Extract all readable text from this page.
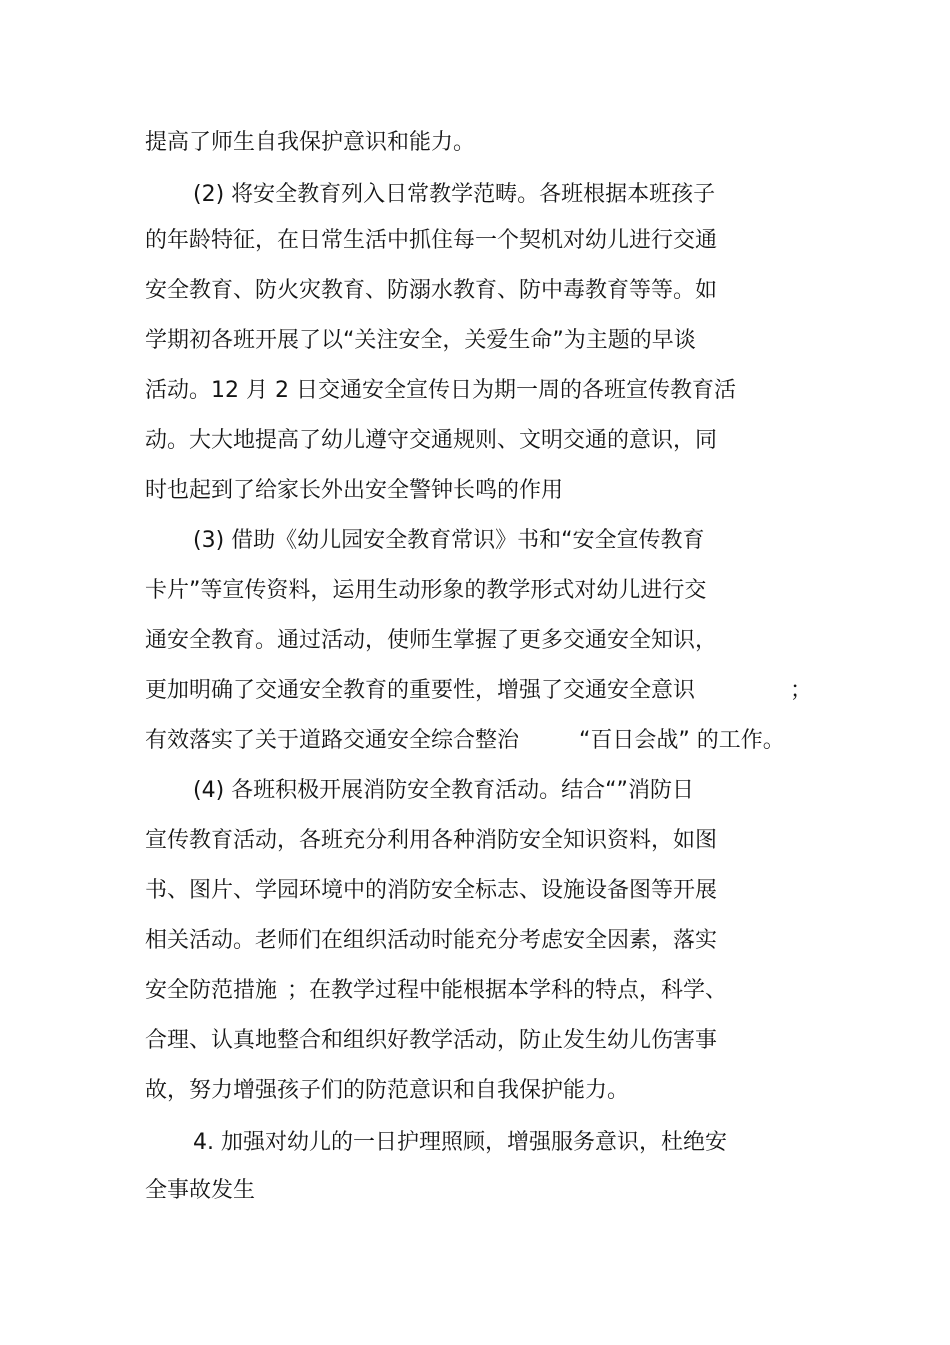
提高了师生自我保护意识和能力。
(2) 将安全教育列入日常教学范畴。各班根据本班孩子
的年龄特征，在日常生活中抓住每一个契机对幼儿进行交通
安全教育、防火灾教育、防溺水教育、防中毒教育等等。如
学期初各班开展了以“关注安全，关爱生命”为主题的早谈
活动。12 月 2 日交通安全宣传日为期一周的各班宣传教育活
动。大大地提高了幼儿遵守交通规则、文明交通的意识，同
时也起到了给家长外出安全警钟长鸣的作用
(3) 借助《幼儿园安全教育常识》书和“安全宣传教育
卡片”等宣传资料，运用生动形象的教学形式对幼儿进行交
通安全教育。通过活动，使师生掌握了更多交通安全知识，
更加明确了交通安全教育的重要性，增强了交通安全意识	；
有效落实了关于道路交通安全综合整治	“百日会战” 的工作。
(4) 各班积极开展消防安全教育活动。结合“”消防日
宣传教育活动，各班充分利用各种消防安全知识资料，如图
书、图片、学园环境中的消防安全标志、设施设备图等开展
相关活动。老师们在组织活动时能充分考虑安全因素，落实
安全防范措施 ；在教学过程中能根据本学科的特点，科学、
合理、认真地整合和组织好教学活动，防止发生幼儿伤害事
故，努力增强孩子们的防范意识和自我保护能力。
4. 加强对幼儿的一日护理照顾，增强服务意识，杜绝安
全事故发生
